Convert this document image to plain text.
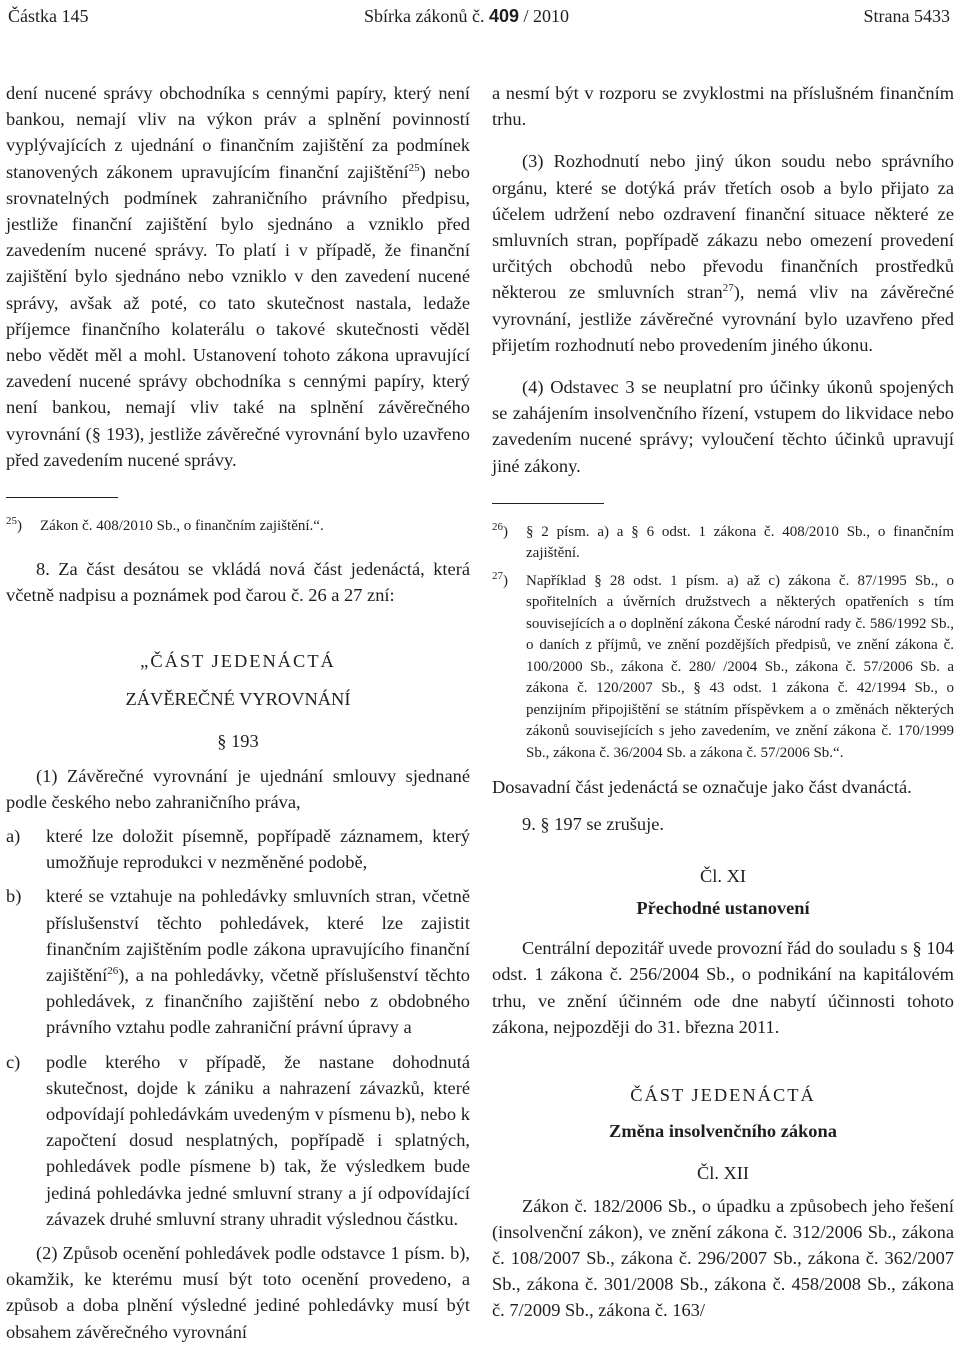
Částka 145	Sbírka zákonů č. 409 / 2010	Strana 5433

dení nucené správy obchodníka s cennými papíry, který není bankou, nemají vliv na výkon práv a splnění povinností vyplývajících z ujednání o finančním zajištění za podmínek stanovených zákonem upravujícím finanční zajištění$^{25}$) nebo srovnatelných podmínek zahraničního právního předpisu, jestliže finanční zajištění bylo sjednáno a vzniklo před zavedením nucené správy. To platí i v případě, že finanční zajištění bylo sjednáno nebo vzniklo v den zavedení nucené správy, avšak až poté, co tato skutečnost nastala, ledaže příjemce finančního kolaterálu o takové skutečnosti věděl nebo vědět měl a mohl. Ustanovení tohoto zákona upravující zavedení nucené správy obchodníka s cennými papíry, který není bankou, nemají vliv také na splnění závěrečného vyrovnání (§ 193), jestliže závěrečné vyrovnání bylo uzavřeno před zavedením nucené správy.

$^{25}$) Zákon č. 408/2010 Sb., o finančním zajištění.“.

8. Za část desátou se vkládá nová část jedenáctá, která včetně nadpisu a poznámek pod čarou č. 26 a 27 zní:

„ČÁST JEDENÁCTÁ

ZÁVĚREČNÉ VYROVNÁNÍ

§ 193

(1) Závěrečné vyrovnání je ujednání smlouvy sjednané podle českého nebo zahraničního práva,

a) které lze doložit písemně, popřípadě záznamem, který umožňuje reprodukci v nezměněné podobě,
b) které se vztahuje na pohledávky smluvních stran, včetně příslušenství těchto pohledávek, které lze zajistit finančním zajištěním podle zákona upravujícího finanční zajištění$^{26}$), a na pohledávky, včetně příslušenství těchto pohledávek, z finančního zajištění nebo z obdobného právního vztahu podle zahraniční právní úpravy a
c) podle kterého v případě, že nastane dohodnutá skutečnost, dojde k zániku a nahrazení závazků, které odpovídají pohledávkám uvedeným v písmenu b), nebo k započtení dosud nesplatných, popřípadě i splatných, pohledávek podle písmene b) tak, že výsledkem bude jediná pohledávka jedné smluvní strany a jí odpovídající závazek druhé smluvní strany uhradit výslednou částku.

(2) Způsob ocenění pohledávek podle odstavce 1 písm. b), okamžik, ke kterému musí být toto ocenění provedeno, a způsob a doba plnění výsledné jediné pohledávky musí být obsahem závěrečného vyrovnání

a nesmí být v rozporu se zvyklostmi na příslušném finančním trhu.

(3) Rozhodnutí nebo jiný úkon soudu nebo správního orgánu, které se dotýká práv třetích osob a bylo přijato za účelem udržení nebo ozdravení finanční situace některé ze smluvních stran, popřípadě zákazu nebo omezení provedení určitých obchodů nebo převodu finančních prostředků některou ze smluvních stran$^{27}$), nemá vliv na závěrečné vyrovnání, jestliže závěrečné vyrovnání bylo uzavřeno před přijetím rozhodnutí nebo provedením jiného úkonu.

(4) Odstavec 3 se neuplatní pro účinky úkonů spojených se zahájením insolvenčního řízení, vstupem do likvidace nebo zavedením nucené správy; vyloučení těchto účinků upravují jiné zákony.

$^{26}$) § 2 písm. a) a § 6 odst. 1 zákona č. 408/2010 Sb., o finančním zajištění.
$^{27}$) Například § 28 odst. 1 písm. a) až c) zákona č. 87/1995 Sb., o spořitelních a úvěrních družstvech a některých opatřeních s tím souvisejících a o doplnění zákona České národní rady č. 586/1992 Sb., o daních z příjmů, ve znění pozdějších předpisů, ve znění zákona č. 100/2000 Sb., zákona č. 280/ /2004 Sb., zákona č. 57/2006 Sb. a zákona č. 120/2007 Sb., § 43 odst. 1 zákona č. 42/1994 Sb., o penzijním připojištění se státním příspěvkem a o změnách některých zákonů souvisejících s jeho zavedením, ve znění zákona č. 170/1999 Sb., zákona č. 36/2004 Sb. a zákona č. 57/2006 Sb.“.

Dosavadní část jedenáctá se označuje jako část dvanáctá.

9. § 197 se zrušuje.

Čl. XI

Přechodné ustanovení

Centrální depozitář uvede provozní řád do souladu s § 104 odst. 1 zákona č. 256/2004 Sb., o podnikání na kapitálovém trhu, ve znění účinném ode dne nabytí účinnosti tohoto zákona, nejpozději do 31. března 2011.

ČÁST JEDENÁCTÁ

Změna insolvenčního zákona

Čl. XII

Zákon č. 182/2006 Sb., o úpadku a způsobech jeho řešení (insolvenční zákon), ve znění zákona č. 312/2006 Sb., zákona č. 108/2007 Sb., zákona č. 296/2007 Sb., zákona č. 362/2007 Sb., zákona č. 301/2008 Sb., zákona č. 458/2008 Sb., zákona č. 7/2009 Sb., zákona č. 163/
